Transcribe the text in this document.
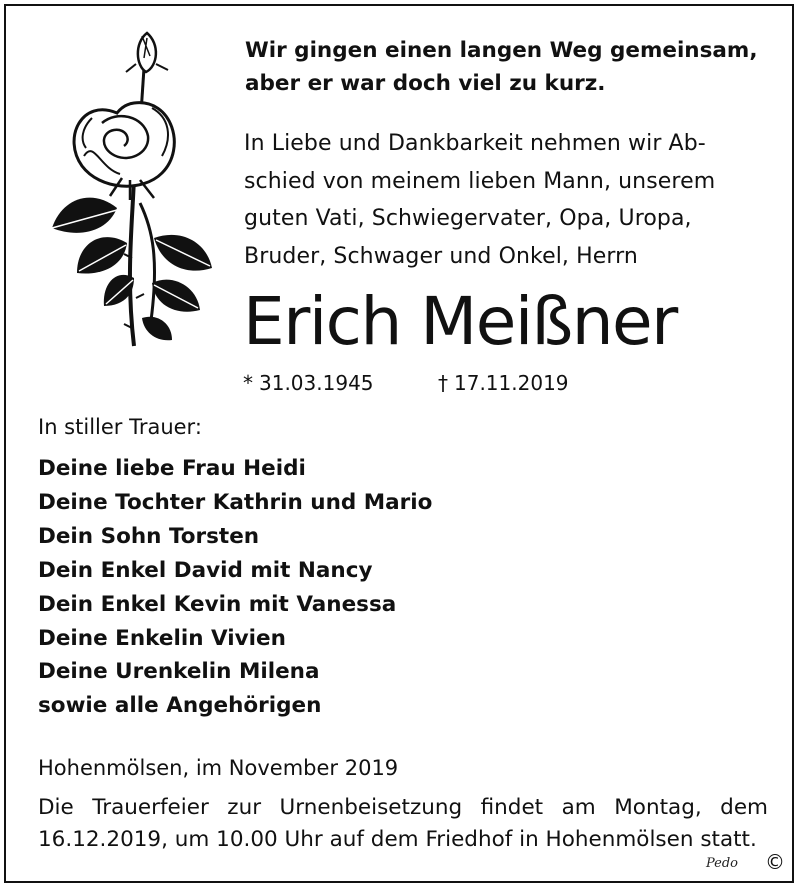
Wir gingen einen langen Weg gemeinsam,
aber er war doch viel zu kurz.
In Liebe und Dankbarkeit nehmen wir Ab-
schied von meinem lieben Mann, unserem
guten Vati, Schwiegervater, Opa, Uropa,
Bruder, Schwager und Onkel, Herrn
Erich Meißner
* 31.03.1945	† 17.11.2019
In stiller Trauer:
Deine liebe Frau Heidi
Deine Tochter Kathrin und Mario
Dein Sohn Torsten
Dein Enkel David mit Nancy
Dein Enkel Kevin mit Vanessa
Deine Enkelin Vivien
Deine Urenkelin Milena
sowie alle Angehörigen
Hohenmölsen, im November 2019
Die Trauerfeier zur Urnenbeisetzung findet am Montag, dem
16.12.2019, um 10.00 Uhr auf dem Friedhof in Hohenmölsen statt.
Pedo ©
